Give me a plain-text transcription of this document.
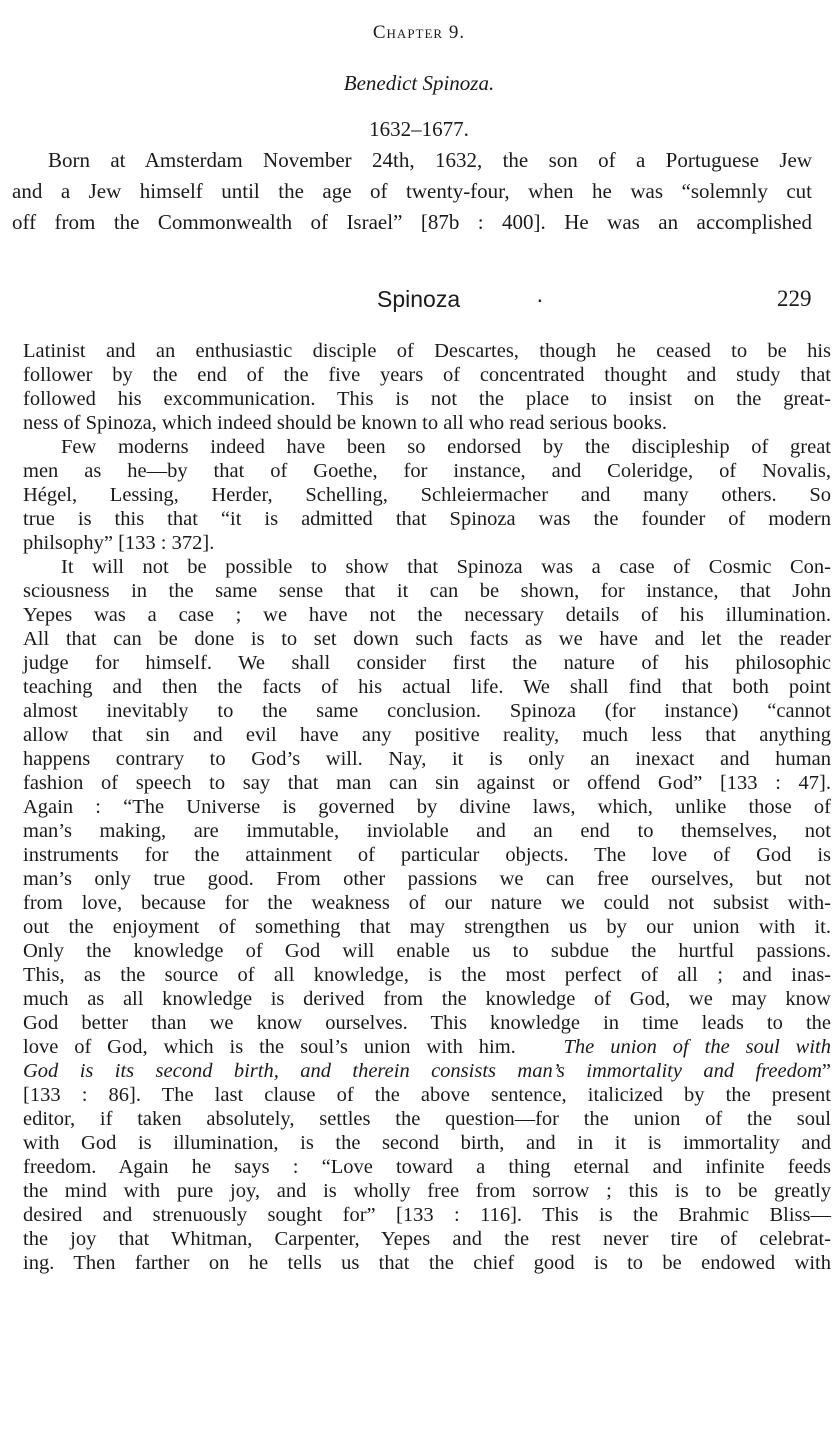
Chapter 9.
Benedict Spinoza.
1632–1677.
Born at Amsterdam November 24th, 1632, the son of a Portuguese Jew
and a Jew himself until the age of twenty-four, when he was “solemnly cut
off from the Commonwealth of Israel” [87b : 400]. He was an accomplished
Spinoza	·	229
Latinist and an enthusiastic disciple of Descartes, though he ceased to be his
follower by the end of the five years of concentrated thought and study that
followed his excommunication. This is not the place to insist on the great-
ness of Spinoza, which indeed should be known to all who read serious books.
Few moderns indeed have been so endorsed by the discipleship of great
men as he—by that of Goethe, for instance, and Coleridge, of Novalis,
Hégel, Lessing, Herder, Schelling, Schleiermacher and many others. So
true is this that “it is admitted that Spinoza was the founder of modern
philsophy” [133 : 372].
It will not be possible to show that Spinoza was a case of Cosmic Con-
sciousness in the same sense that it can be shown, for instance, that John
Yepes was a case ; we have not the necessary details of his illumination.
All that can be done is to set down such facts as we have and let the reader
judge for himself. We shall consider first the nature of his philosophic
teaching and then the facts of his actual life. We shall find that both point
almost inevitably to the same conclusion. Spinoza (for instance) “cannot
allow that sin and evil have any positive reality, much less that anything
happens contrary to God’s will. Nay, it is only an inexact and human
fashion of speech to say that man can sin against or offend God” [133 : 47].
Again : “The Universe is governed by divine laws, which, unlike those of
man’s making, are immutable, inviolable and an end to themselves, not
instruments for the attainment of particular objects. The love of God is
man’s only true good. From other passions we can free ourselves, but not
from love, because for the weakness of our nature we could not subsist with-
out the enjoyment of something that may strengthen us by our union with it.
Only the knowledge of God will enable us to subdue the hurtful passions.
This, as the source of all knowledge, is the most perfect of all ; and inas-
much as all knowledge is derived from the knowledge of God, we may know
God better than we know ourselves. This knowledge in time leads to the
love of God, which is the soul’s union with him. The union of the soul with
God is its second birth, and therein consists man’s immortality and freedom”
[133 : 86]. The last clause of the above sentence, italicized by the present
editor, if taken absolutely, settles the question—for the union of the soul
with God is illumination, is the second birth, and in it is immortality and
freedom. Again he says : “Love toward a thing eternal and infinite feeds
the mind with pure joy, and is wholly free from sorrow ; this is to be greatly
desired and strenuously sought for” [133 : 116]. This is the Brahmic Bliss—
the joy that Whitman, Carpenter, Yepes and the rest never tire of celebrat-
ing. Then farther on he tells us that the chief good is to be endowed with
